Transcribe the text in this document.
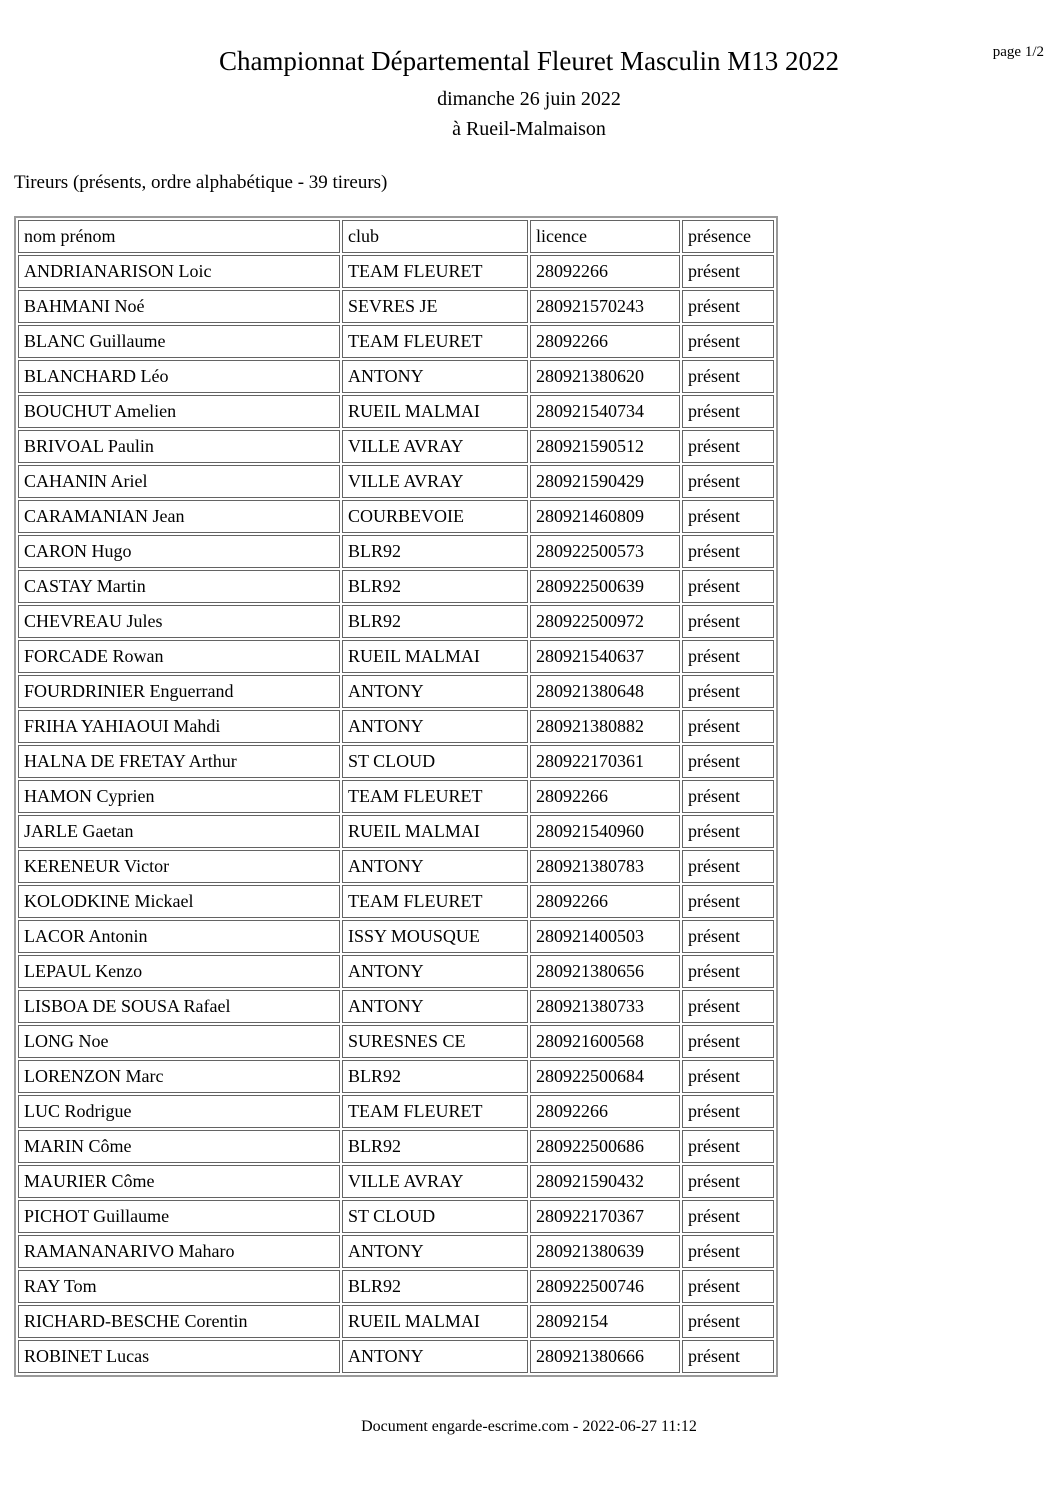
page 1/2
Championnat Départemental Fleuret Masculin M13 2022
dimanche 26 juin 2022
à Rueil-Malmaison
Tireurs (présents, ordre alphabétique - 39 tireurs)
nom prénom	club	licence	présence
ANDRIANARISON Loic	TEAM FLEURET	28092266	présent
BAHMANI Noé	SEVRES JE	280921570243	présent
BLANC Guillaume	TEAM FLEURET	28092266	présent
BLANCHARD Léo	ANTONY	280921380620	présent
BOUCHUT Amelien	RUEIL MALMAI	280921540734	présent
BRIVOAL Paulin	VILLE AVRAY	280921590512	présent
CAHANIN Ariel	VILLE AVRAY	280921590429	présent
CARAMANIAN Jean	COURBEVOIE	280921460809	présent
CARON Hugo	BLR92	280922500573	présent
CASTAY Martin	BLR92	280922500639	présent
CHEVREAU Jules	BLR92	280922500972	présent
FORCADE Rowan	RUEIL MALMAI	280921540637	présent
FOURDRINIER Enguerrand	ANTONY	280921380648	présent
FRIHA YAHIAOUI Mahdi	ANTONY	280921380882	présent
HALNA DE FRETAY Arthur	ST CLOUD	280922170361	présent
HAMON Cyprien	TEAM FLEURET	28092266	présent
JARLE Gaetan	RUEIL MALMAI	280921540960	présent
KERENEUR Victor	ANTONY	280921380783	présent
KOLODKINE Mickael	TEAM FLEURET	28092266	présent
LACOR Antonin	ISSY MOUSQUE	280921400503	présent
LEPAUL Kenzo	ANTONY	280921380656	présent
LISBOA DE SOUSA Rafael	ANTONY	280921380733	présent
LONG Noe	SURESNES CE	280921600568	présent
LORENZON Marc	BLR92	280922500684	présent
LUC Rodrigue	TEAM FLEURET	28092266	présent
MARIN Côme	BLR92	280922500686	présent
MAURIER Côme	VILLE AVRAY	280921590432	présent
PICHOT Guillaume	ST CLOUD	280922170367	présent
RAMANANARIVO Maharo	ANTONY	280921380639	présent
RAY Tom	BLR92	280922500746	présent
RICHARD-BESCHE Corentin	RUEIL MALMAI	28092154	présent
ROBINET Lucas	ANTONY	280921380666	présent
Document engarde-escrime.com - 2022-06-27 11:12
